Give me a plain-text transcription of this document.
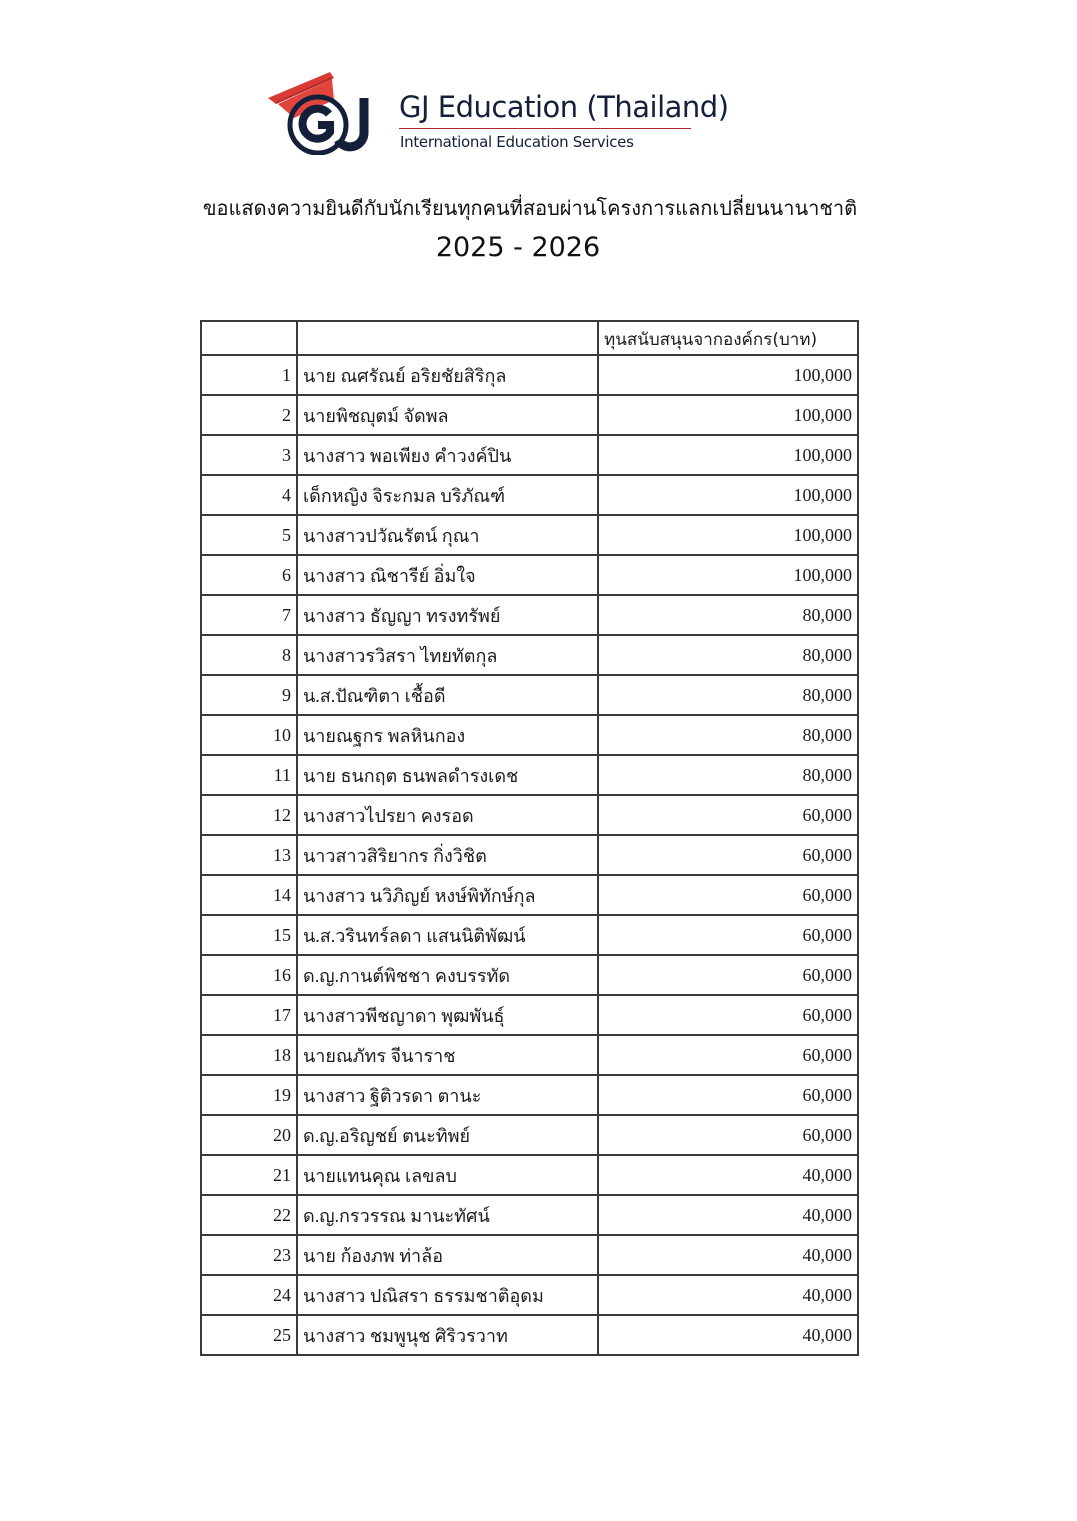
GJ Education (Thailand)
International Education Services
ขอแสดงความยินดีกับนักเรียนทุกคนที่สอบผ่านโครงการแลกเปลี่ยนนานาชาติ
2025 - 2026
		ทุนสนับสนุนจากองค์กร(บาท)
1	นาย ณศรัณย์ อริยชัยสิริกุล	100,000
2	นายพิชญุตม์ จัดพล	100,000
3	นางสาว พอเพียง คำวงค์ปิน	100,000
4	เด็กหญิง จิระกมล บริภัณฑ์	100,000
5	นางสาวปวัณรัตน์ กุณา	100,000
6	นางสาว ณิชารีย์ อิ่มใจ	100,000
7	นางสาว ธัญญา ทรงทรัพย์	80,000
8	นางสาวรวิสรา ไทยทัตกุล	80,000
9	น.ส.ปัณฑิตา เชื้อดี	80,000
10	นายณฐกร พลหินกอง	80,000
11	นาย ธนกฤต ธนพลดำรงเดช	80,000
12	นางสาวไปรยา คงรอด	60,000
13	นาวสาวสิริยากร กิ่งวิชิต	60,000
14	นางสาว นวิภิญย์ หงษ์พิทักษ์กุล	60,000
15	น.ส.วรินทร์ลดา แสนนิติพัฒน์	60,000
16	ด.ญ.กานต์พิชชา คงบรรทัด	60,000
17	นางสาวพีชญาดา พุฒพันธุ์	60,000
18	นายณภัทร จีนาราช	60,000
19	นางสาว ฐิติวรดา ตานะ	60,000
20	ด.ญ.อริญชย์ ตนะทิพย์	60,000
21	นายแทนคุณ เลขลบ	40,000
22	ด.ญ.กรวรรณ มานะทัศน์	40,000
23	นาย ก้องภพ ท่าล้อ	40,000
24	นางสาว ปณิสรา ธรรมชาติอุดม	40,000
25	นางสาว ชมพูนุช ศิริวรวาท	40,000
